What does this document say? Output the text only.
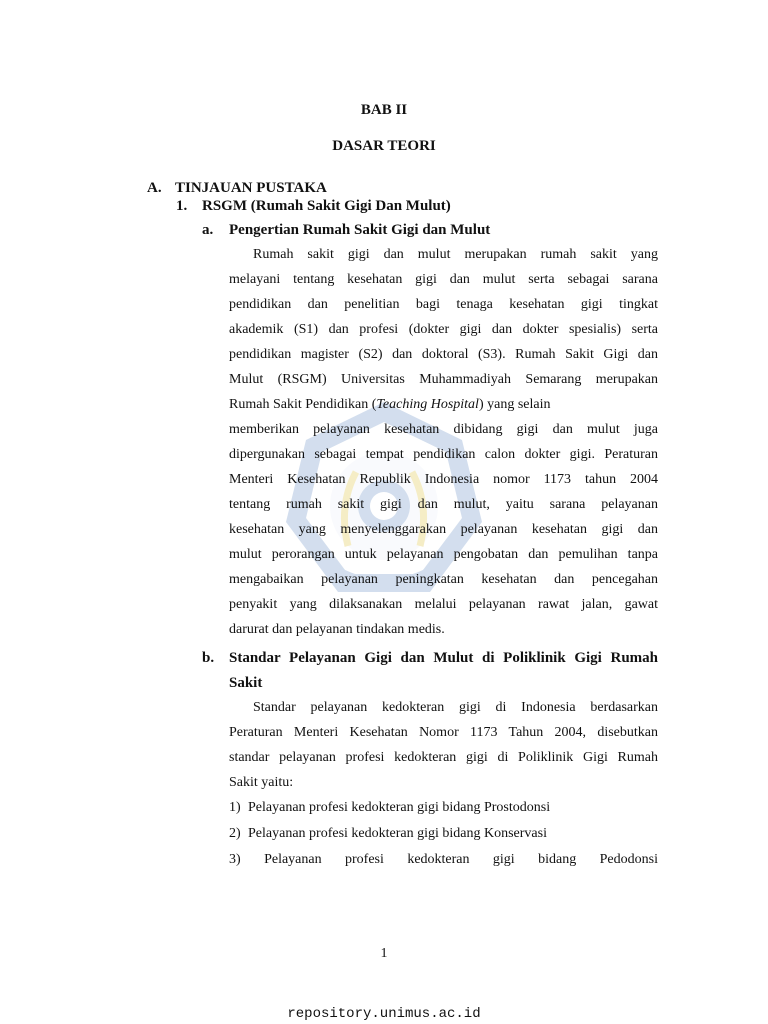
BAB II
DASAR TEORI
A. TINJAUAN PUSTAKA
1. RSGM (Rumah Sakit Gigi Dan Mulut)
a. Pengertian Rumah Sakit Gigi dan Mulut
Rumah sakit gigi dan mulut merupakan rumah sakit yang
melayani tentang kesehatan gigi dan mulut serta sebagai sarana
pendidikan dan penelitian bagi tenaga kesehatan gigi tingkat
akademik (S1) dan profesi (dokter gigi dan dokter spesialis) serta
pendidikan magister (S2) dan doktoral (S3). Rumah Sakit Gigi dan
Mulut (RSGM) Universitas Muhammadiyah Semarang merupakan
Rumah Sakit Pendidikan ( Teaching Hospital) yang selain
memberikan pelayanan kesehatan dibidang gigi dan mulut juga
dipergunakan sebagai tempat pendidikan calon dokter gigi. Peraturan
Menteri Kesehatan Republik Indonesia nomor 1173 tahun 2004
tentang rumah sakit gigi dan mulut, yaitu sarana pelayanan
kesehatan yang menyelenggarakan pelayanan kesehatan gigi dan
mulut perorangan untuk pelayanan pengobatan dan pemulihan tanpa
mengabaikan pelayanan peningkatan kesehatan dan pencegahan
penyakit yang dilaksanakan melalui pelayanan rawat jalan, gawat
darurat dan pelayanan tindakan medis.
b. Standar Pelayanan Gigi dan Mulut di Poliklinik Gigi Rumah
Sakit
Standar pelayanan kedokteran gigi di Indonesia berdasarkan
Peraturan Menteri Kesehatan Nomor 1173 Tahun 2004, disebutkan
standar pelayanan profesi kedokteran gigi di Poliklinik Gigi Rumah
Sakit yaitu:
1) Pelayanan profesi kedokteran gigi bidang Prostodonsi
2) Pelayanan profesi kedokteran gigi bidang Konservasi
3) Pelayanan profesi kedokteran gigi bidang Pedodonsi
1
repository.unimus.ac.id
